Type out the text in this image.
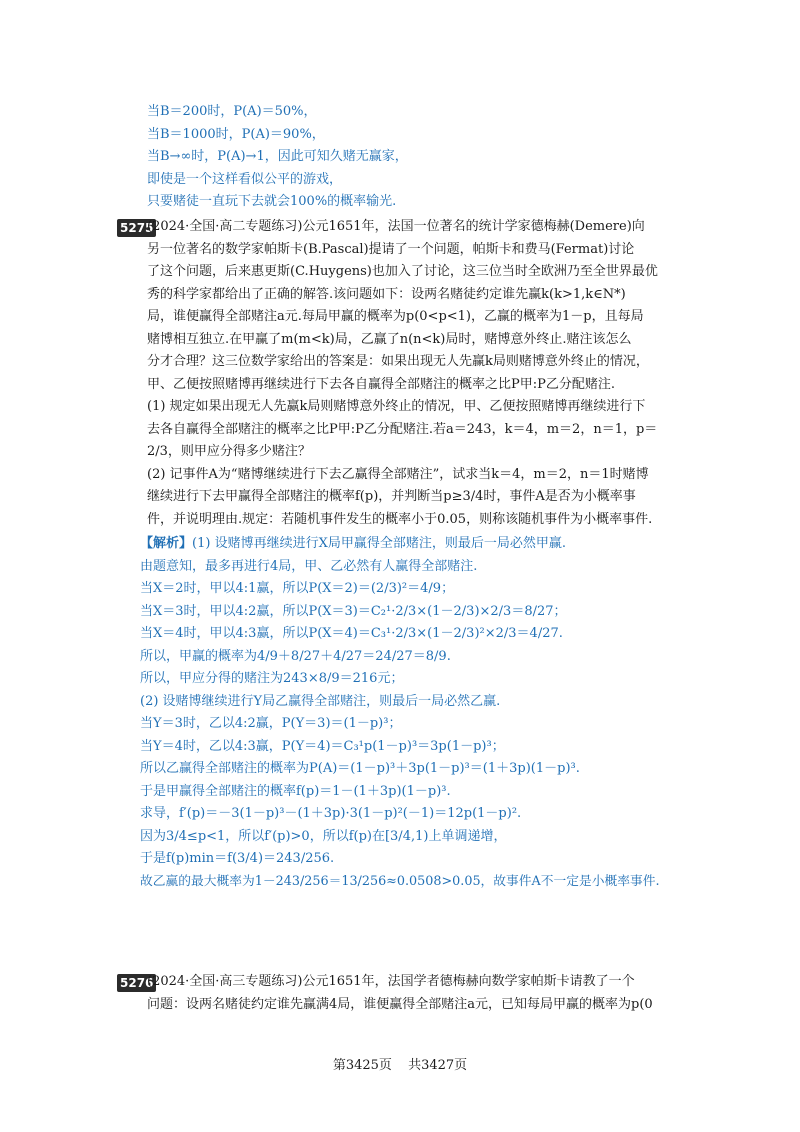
当B＝200时，P(A)＝50%，
当B＝1000时，P(A)＝90%，
当B→∞时，P(A)→1，因此可知久赌无赢家，
即使是一个这样看似公平的游戏，
只要赌徒一直玩下去就会100%的概率输光.
5275
(2024·全国·高二专题练习)公元1651年，法国一位著名的统计学家德梅赫(Demere)向
另一位著名的数学家帕斯卡(B.Pascal)提请了一个问题，帕斯卡和费马(Fermat)讨论
了这个问题，后来惠更斯(C.Huygens)也加入了讨论，这三位当时全欧洲乃至全世界最优
秀的科学家都给出了正确的解答.该问题如下：设两名赌徒约定谁先赢k(k>1,k∈N*)
局，谁便赢得全部赌注a元.每局甲赢的概率为p(0<p<1)，乙赢的概率为1－p，且每局
赌博相互独立.在甲赢了m(m<k)局，乙赢了n(n<k)局时，赌博意外终止.赌注该怎么
分才合理？这三位数学家给出的答案是：如果出现无人先赢k局则赌博意外终止的情况，
甲、乙便按照赌博再继续进行下去各自赢得全部赌注的概率之比P甲:P乙分配赌注.
(1) 规定如果出现无人先赢k局则赌博意外终止的情况，甲、乙便按照赌博再继续进行下
去各自赢得全部赌注的概率之比P甲:P乙分配赌注.若a＝243，k＝4，m＝2，n＝1，p＝
2/3，则甲应分得多少赌注？
(2) 记事件A为“赌博继续进行下去乙赢得全部赌注”，试求当k＝4，m＝2，n＝1时赌博
继续进行下去甲赢得全部赌注的概率f(p)，并判断当p≥3/4时，事件A是否为小概率事
件，并说明理由.规定：若随机事件发生的概率小于0.05，则称该随机事件为小概率事件.
【解析】(1) 设赌博再继续进行X局甲赢得全部赌注，则最后一局必然甲赢.
由题意知，最多再进行4局，甲、乙必然有人赢得全部赌注.
当X＝2时，甲以4:1赢，所以P(X＝2)＝(2/3)²＝4/9；
当X＝3时，甲以4:2赢，所以P(X＝3)＝C₂¹·2/3×(1－2/3)×2/3＝8/27；
当X＝4时，甲以4:3赢，所以P(X＝4)＝C₃¹·2/3×(1－2/3)²×2/3＝4/27.
所以，甲赢的概率为4/9＋8/27＋4/27＝24/27＝8/9.
所以，甲应分得的赌注为243×8/9＝216元；
(2) 设赌博继续进行Y局乙赢得全部赌注，则最后一局必然乙赢.
当Y＝3时，乙以4:2赢，P(Y＝3)＝(1－p)³；
当Y＝4时，乙以4:3赢，P(Y＝4)＝C₃¹p(1－p)³＝3p(1－p)³；
所以乙赢得全部赌注的概率为P(A)＝(1－p)³＋3p(1－p)³＝(1＋3p)(1－p)³.
于是甲赢得全部赌注的概率f(p)＝1－(1＋3p)(1－p)³.
求导，f′(p)＝－3(1－p)³－(1＋3p)·3(1－p)²(－1)＝12p(1－p)².
因为3/4≤p<1，所以f′(p)>0，所以f(p)在[3/4,1)上单调递增，
于是f(p)min＝f(3/4)＝243/256.
故乙赢的最大概率为1－243/256＝13/256≈0.0508>0.05，故事件A不一定是小概率事件.
5276
(2024·全国·高三专题练习)公元1651年，法国学者德梅赫向数学家帕斯卡请教了一个
问题：设两名赌徒约定谁先赢满4局，谁便赢得全部赌注a元，已知每局甲赢的概率为p(0
第3425页 共3427页
